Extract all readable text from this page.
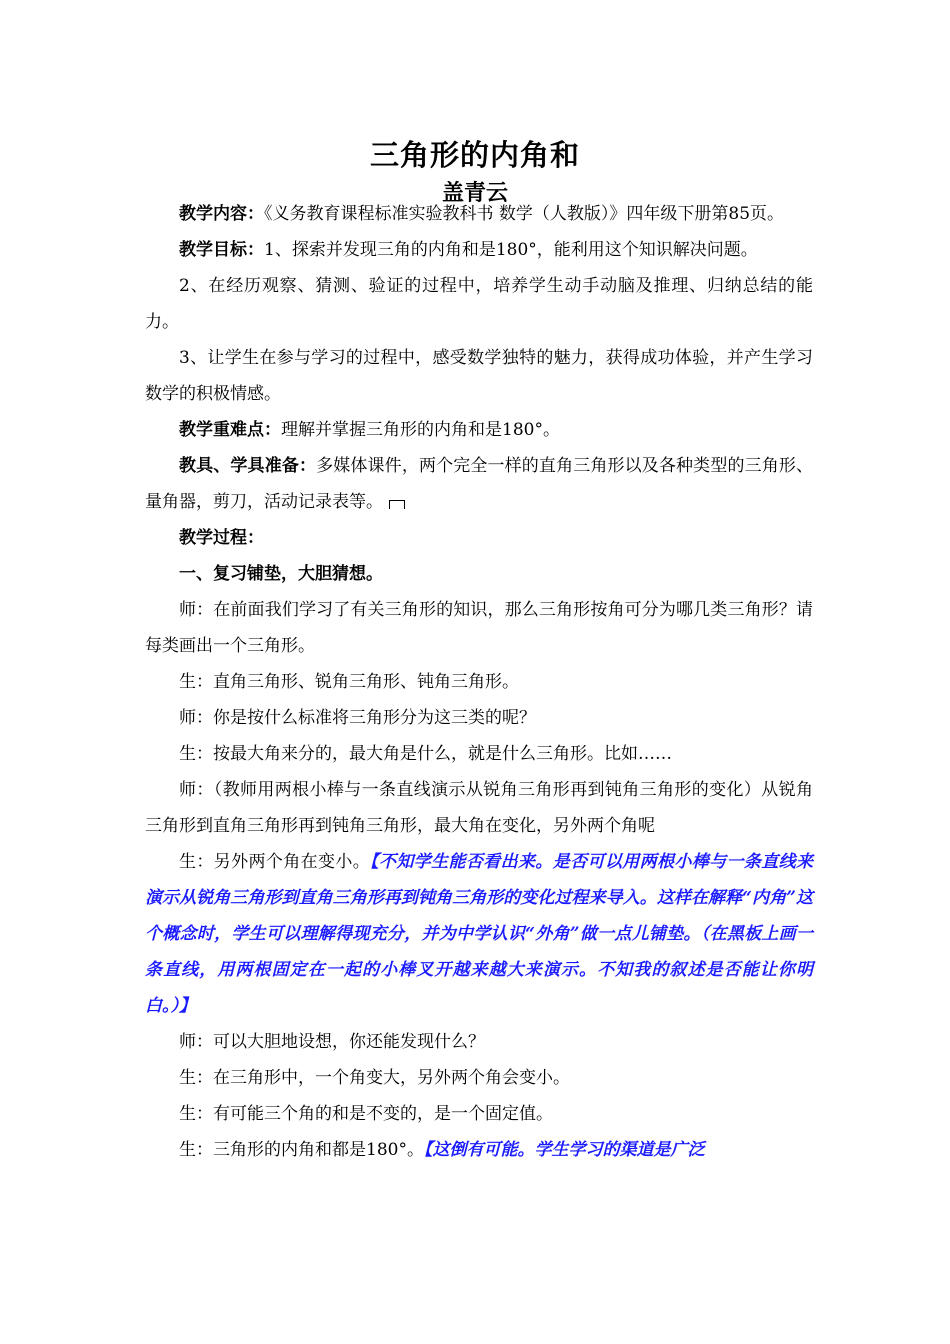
三角形的内角和
盖青云

教学内容：《义务教育课程标准实验教科书 数学（人教版）》四年级下册第85页。

教学目标：1、探索并发现三角的内角和是180°，能利用这个知识解决问题。

2、在经历观察、猜测、验证的过程中，培养学生动手动脑及推理、归纳总结的能力。

3、让学生在参与学习的过程中，感受数学独特的魅力，获得成功体验，并产生学习数学的积极情感。

教学重难点：理解并掌握三角形的内角和是180°。

教具、学具准备：多媒体课件，两个完全一样的直角三角形以及各种类型的三角形、量角器，剪刀，活动记录表等。

教学过程：

一、复习铺垫，大胆猜想。

师：在前面我们学习了有关三角形的知识，那么三角形按角可分为哪几类三角形？请每类画出一个三角形。

生：直角三角形、锐角三角形、钝角三角形。

师：你是按什么标准将三角形分为这三类的呢？

生：按最大角来分的，最大角是什么，就是什么三角形。比如……

师：（教师用两根小棒与一条直线演示从锐角三角形再到钝角三角形的变化）从锐角三角形到直角三角形再到钝角三角形，最大角在变化，另外两个角呢

生：另外两个角在变小。【不知学生能否看出来。是否可以用两根小棒与一条直线来演示从锐角三角形到直角三角形再到钝角三角形的变化过程来导入。这样在解释“内角”这个概念时，学生可以理解得现充分，并为中学认识“外角”做一点儿铺垫。（在黑板上画一条直线，用两根固定在一起的小棒叉开越来越大来演示。不知我的叙述是否能让你明白。）】

师：可以大胆地设想，你还能发现什么？

生：在三角形中，一个角变大，另外两个角会变小。

生：有可能三个角的和是不变的，是一个固定值。

生：三角形的内角和都是180°。【这倒有可能。学生学习的渠道是广泛
